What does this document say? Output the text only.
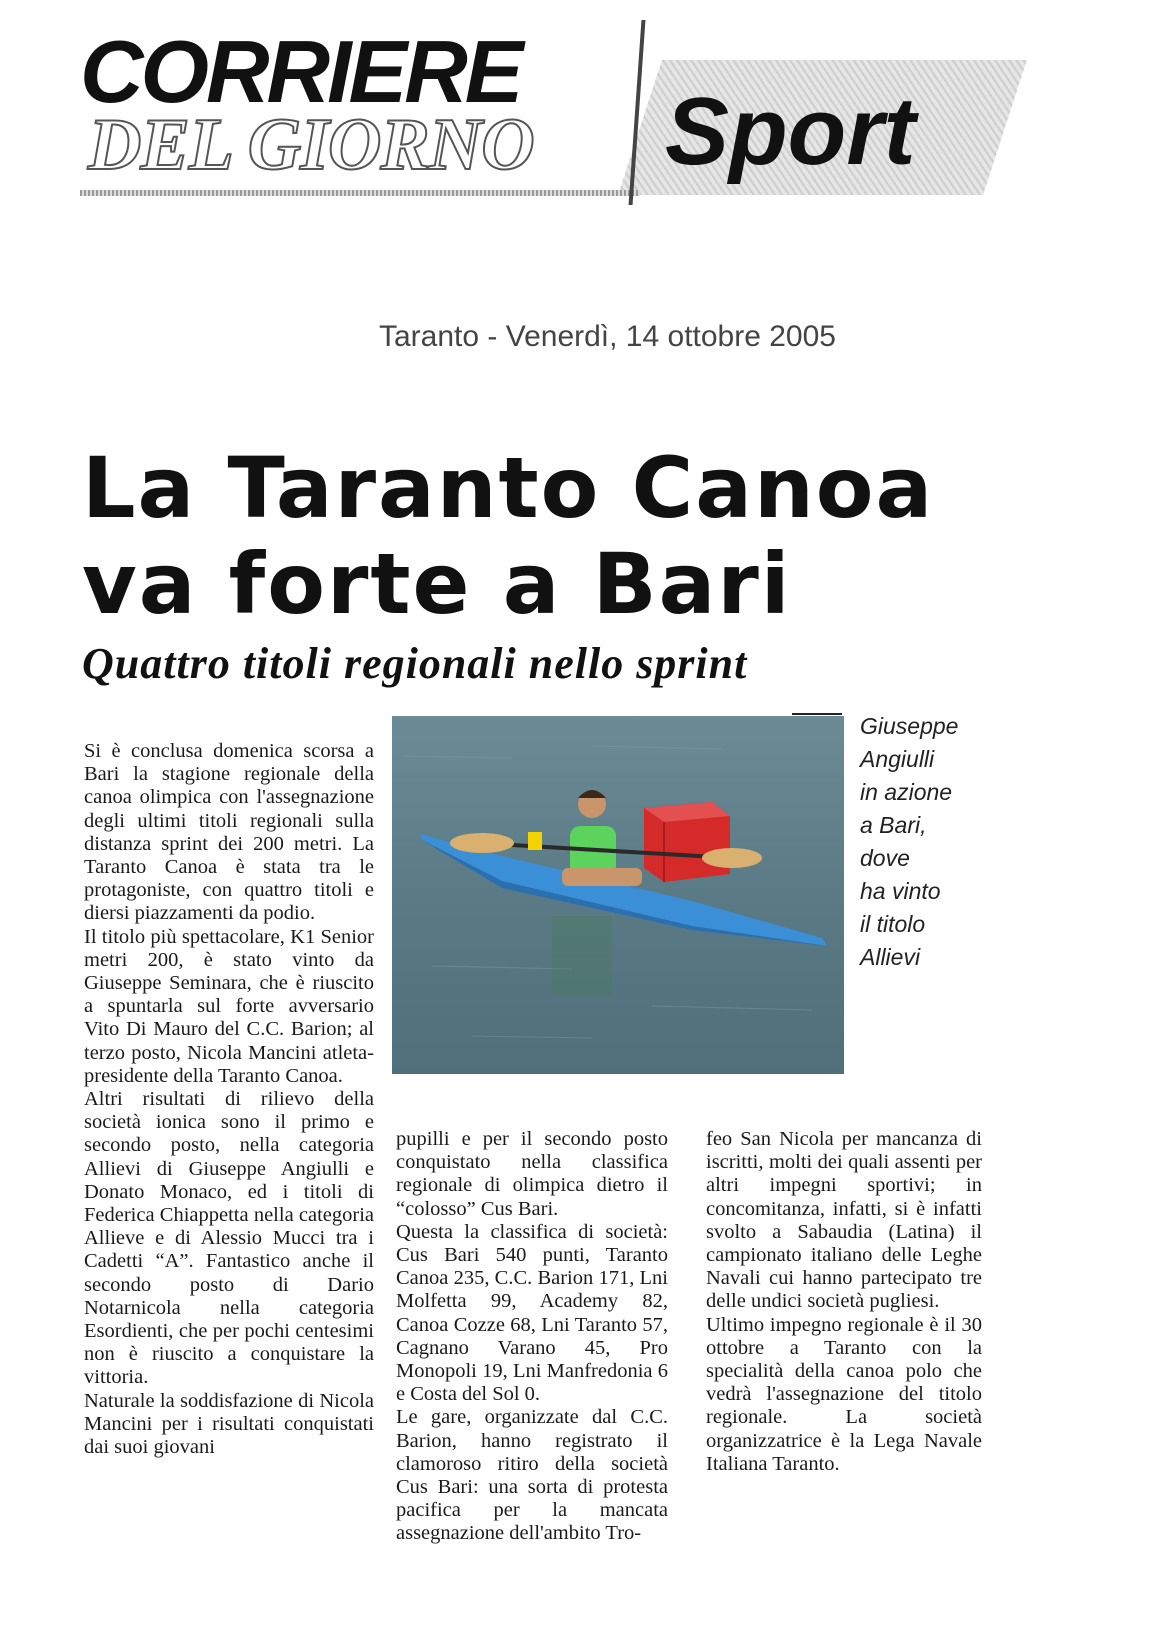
CORRIERE
DEL GIORNO Sport
Taranto - Venerdì, 14 ottobre 2005
La Taranto Canoa
va forte a Bari
Quattro titoli regionali nello sprint

Si è conclusa domenica scorsa a Bari la stagione regionale della canoa olimpica con l'assegnazione degli ultimi titoli regionali sulla distanza sprint dei 200 metri. La Taranto Canoa è stata tra le protagoniste, con quattro titoli e diersi piazzamenti da podio.

Il titolo più spettacolare, K1 Senior metri 200, è stato vinto da Giuseppe Seminara, che è riuscito a spuntarla sul forte avversario Vito Di Mauro del C.C. Barion; al terzo posto, Nicola Mancini atleta-presidente della Taranto Canoa.

Altri risultati di rilievo della società ionica sono il primo e secondo posto, nella categoria Allievi di Giuseppe Angiulli e Donato Monaco, ed i titoli di Federica Chiappetta nella categoria Allieve e di Alessio Mucci tra i Cadetti “A”. Fantastico anche il secondo posto di Dario Notarnicola nella categoria Esordienti, che per pochi centesimi non è riuscito a conquistare la vittoria.

Naturale la soddisfazione di Nicola Mancini per i risultati conquistati dai suoi giovani

Giuseppe
Angiulli
in azione
a Bari,
dove
ha vinto
il titolo
Allievi

pupilli e per il secondo posto conquistato nella classifica regionale di olimpica dietro il “colosso” Cus Bari.

Questa la classifica di società: Cus Bari 540 punti, Taranto Canoa 235, C.C. Barion 171, Lni Molfetta 99, Academy 82, Canoa Cozze 68, Lni Taranto 57, Cagnano Varano 45, Pro Monopoli 19, Lni Manfredonia 6 e Costa del Sol 0.

Le gare, organizzate dal C.C. Barion, hanno registrato il clamoroso ritiro della società Cus Bari: una sorta di protesta pacifica per la mancata assegnazione dell'ambito Tro-

feo San Nicola per mancanza di iscritti, molti dei quali assenti per altri impegni sportivi; in concomitanza, infatti, si è infatti svolto a Sabaudia (Latina) il campionato italiano delle Leghe Navali cui hanno partecipato tre delle undici società pugliesi.

Ultimo impegno regionale è il 30 ottobre a Taranto con la specialità della canoa polo che vedrà l'assegnazione del titolo regionale. La società organizzatrice è la Lega Navale Italiana Taranto.
